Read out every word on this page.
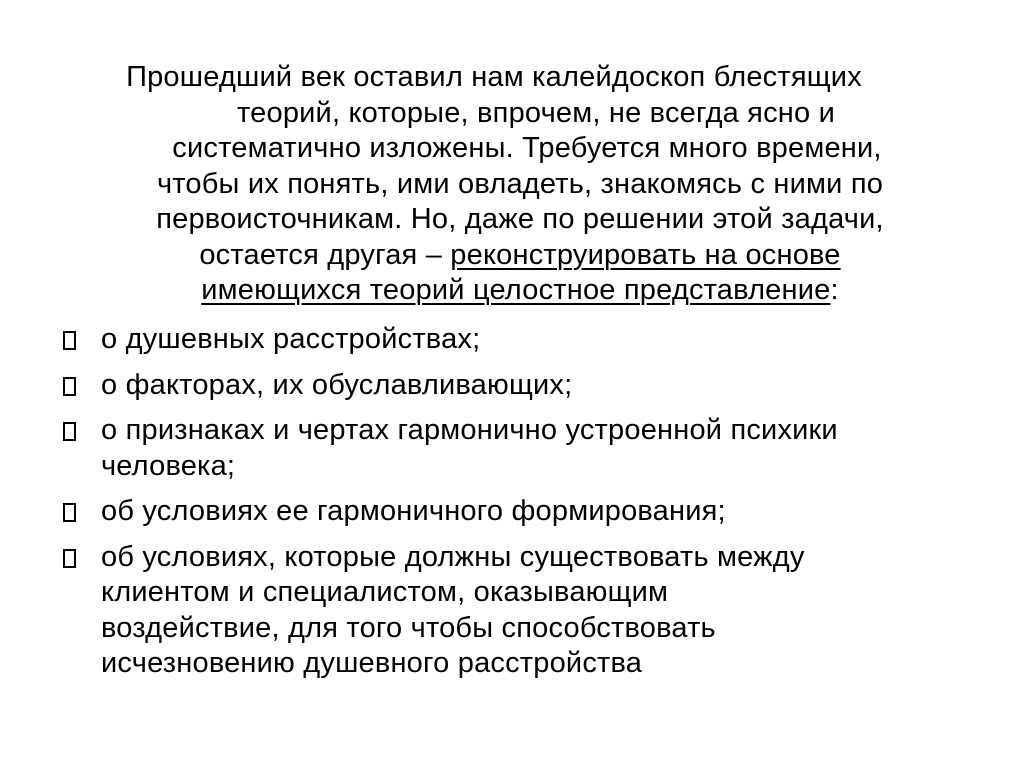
Прошедший век оставил нам калейдоскоп блестящих
теорий, которые, впрочем, не всегда ясно и
систематично изложены. Требуется много времени,
чтобы их понять, ими овладеть, знакомясь с ними по
первоисточникам. Но, даже по решении этой задачи,
остается другая – реконструировать на основе
имеющихся теорий целостное представление:
о душевных расстройствах;
о факторах, их обуславливающих;
о признаках и чертах гармонично устроенной психики
человека;
об условиях ее гармоничного формирования;
об условиях, которые должны существовать между
клиентом и специалистом, оказывающим
воздействие, для того чтобы способствовать
исчезновению душевного расстройства
